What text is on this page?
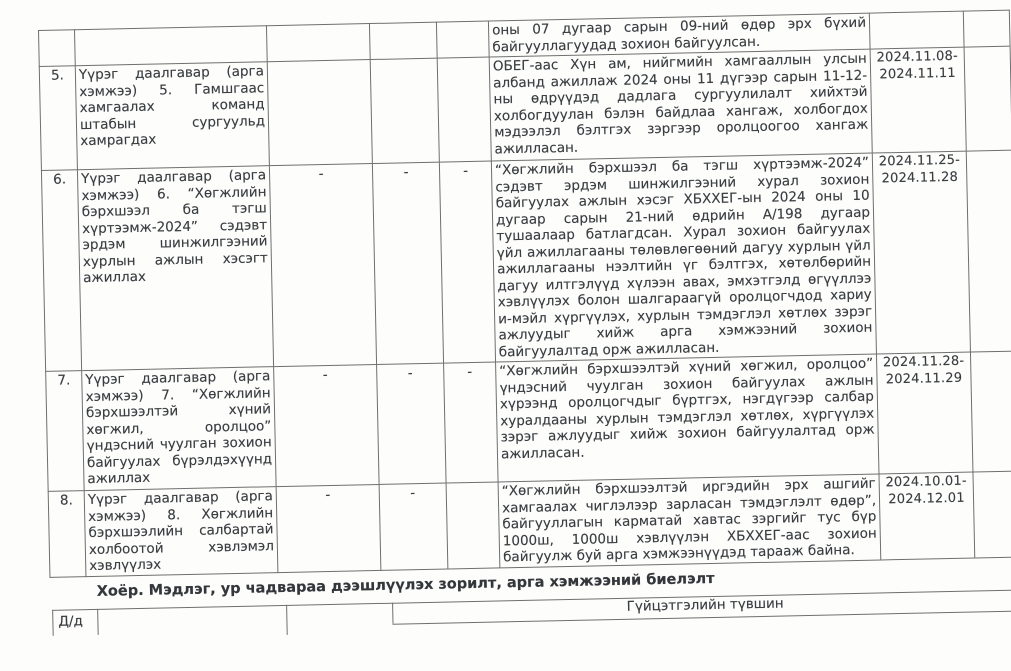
					оны 07 дугаар сарын 09-ний өдөр эрх бүхий байгууллагуудад зохион байгуулсан.		
5.	Үүрэг даалгавар (арга хэмжээ) 5. Гамшгаас хамгаалах команд штабын сургуульд хамрагдах				ОБЕГ-аас Хүн ам, нийгмийн хамгааллын улсын албанд ажиллаж 2024 оны 11 дүгээр сарын 11-12-ны өдрүүдэд дадлага сургуулилалт хийхтэй холбогдуулан бэлэн байдлаа хангаж, холбогдох мэдээлэл бэлтгэх зэргээр оролцоогоо хангаж ажилласан.	2024.11.08-2024.11.11	
6.	Үүрэг даалгавар (арга хэмжээ) 6. “Хөгжлийн бэрхшээл ба тэгш хүртээмж-2024” сэдэвт эрдэм шинжилгээний хурлын ажлын хэсэгт ажиллах	-	-	-	“Хөгжлийн бэрхшээл ба тэгш хүртээмж-2024” сэдэвт эрдэм шинжилгээний хурал зохион байгуулах ажлын хэсэг ХБХХЕГ-ын 2024 оны 10 дугаар сарын 21-ний өдрийн А/198 дугаар тушаалаар батлагдсан. Хурал зохион байгуулах үйл ажиллагааны төлөвлөгөөний дагуу хурлын үйл ажиллагааны нээлтийн үг бэлтгэх, хөтөлбөрийн дагуу илтгэлүүд хүлээн авах, эмхэтгэлд өгүүллээ хэвлүүлэх болон шалгараагүй оролцогчдод хариу и-мэйл хүргүүлэх, хурлын тэмдэглэл хөтлөх зэрэг ажлуудыг хийж арга хэмжээний зохион байгуулалтад орж ажилласан.	2024.11.25-2024.11.28	
7.	Үүрэг даалгавар (арга хэмжээ) 7. “Хөгжлийн бэрхшээлтэй хүний хөгжил, оролцоо” үндэсний чуулган зохион байгуулах бүрэлдэхүүнд ажиллах	-	-	-	“Хөгжлийн бэрхшээлтэй хүний хөгжил, оролцоо” үндэсний чуулган зохион байгуулах ажлын хүрээнд оролцогчдыг бүртгэх, нэгдүгээр салбар хуралдааны хурлын тэмдэглэл хөтлөх, хүргүүлэх зэрэг ажлуудыг хийж зохион байгуулалтад орж ажилласан.	2024.11.28-2024.11.29	
8.	Үүрэг даалгавар (арга хэмжээ) 8. Хөгжлийн бэрхшээлийн салбартай холбоотой хэвлэмэл хэвлүүлэх	-	-		“Хөгжлийн бэрхшээлтэй иргэдийн эрх ашгийг хамгаалах чиглэлээр зарласан тэмдэглэлт өдөр”, байгууллагын карматай хавтас зэргийг тус бүр 1000ш, 1000ш хэвлүүлэн ХБХХЕГ-аас зохион байгуулж буй арга хэмжээнүүдэд тарааж байна.	2024.10.01-2024.12.01	
Хоёр. Мэдлэг, ур чадвараа дээшлүүлэх зорилт, арга хэмжээний биелэлт
Гүйцэтгэлийн түвшин
Д/д
